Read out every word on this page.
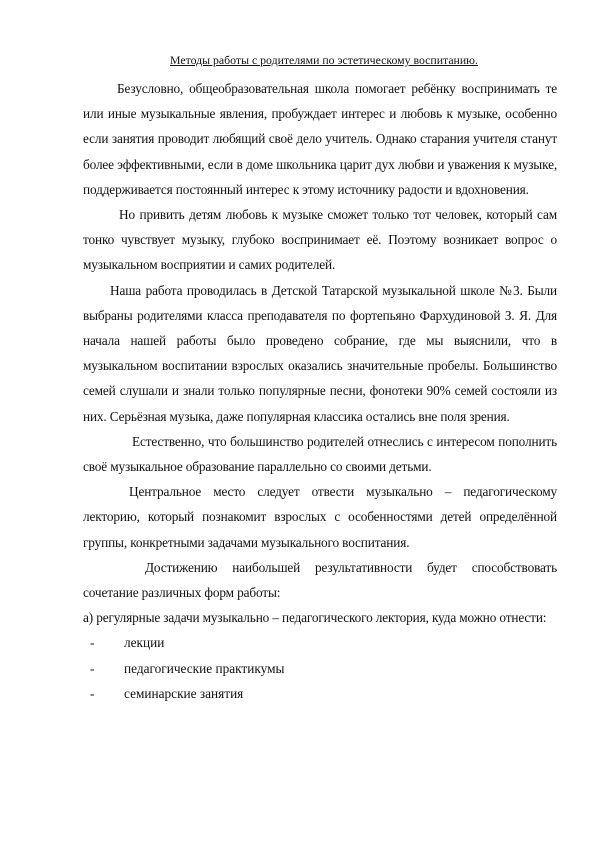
Методы работы с родителями по эстетическому воспитанию.

Безусловно, общеобразовательная школа помогает ребёнку воспринимать те или иные музыкальные явления, пробуждает интерес и любовь к музыке, особенно если занятия проводит любящий своё дело учитель. Однако старания учителя станут более эффективными, если в доме школьника царит дух любви и уважения к музыке, поддерживается постоянный интерес к этому источнику радости и вдохновения.

Но привить детям любовь к музыке сможет только тот человек, который сам тонко чувствует музыку, глубоко воспринимает её. Поэтому возникает вопрос о музыкальном восприятии и самих родителей.

Наша работа проводилась в Детской Татарской музыкальной школе №3. Были выбраны родителями класса преподавателя по фортепьяно Фархудиновой З. Я. Для начала нашей работы было проведено собрание, где мы выяснили, что в музыкальном воспитании взрослых оказались значительные пробелы. Большинство семей слушали и знали только популярные песни, фонотеки 90% семей состояли из них. Серьёзная музыка, даже популярная классика остались вне поля зрения.

Естественно, что большинство родителей отнеслись с интересом пополнить своё музыкальное образование параллельно со своими детьми.

Центральное место следует отвести музыкально – педагогическому лекторию, который познакомит взрослых с особенностями детей определённой группы, конкретными задачами музыкального воспитания.

Достижению наибольшей результативности будет способствовать сочетание различных форм работы:

а) регулярные задачи музыкально – педагогического лектория, куда можно отнести:

- лекции
- педагогические практикумы
- семинарские занятия
